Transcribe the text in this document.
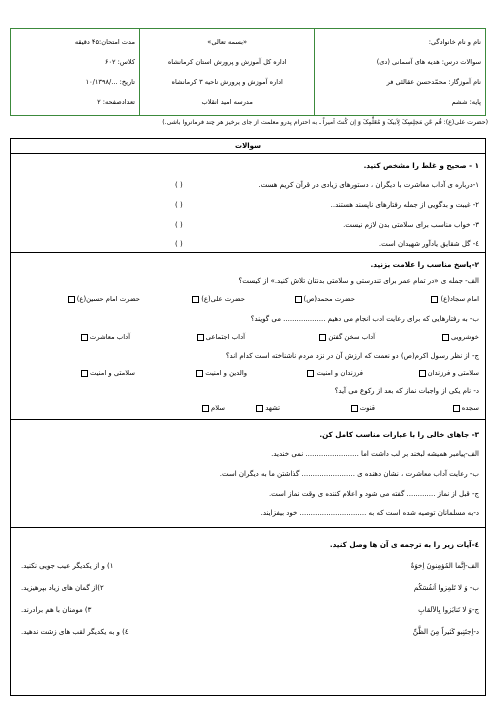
نام و نام خانوادگی:
سوالات درس: هدیه های آسمانی (دی)
نام آموزگار: محمّدحسن عقالئی فر
پایه: ششم
«بسمه تعالی»
اداره کل آموزش و پرورش استان کرمانشاه
اداره آموزش و پرورش ناحیه ۳ کرمانشاه
مدرسه امید انقلاب
مدت امتحان:۴۵ دقیقه
کلاس: ۶۰۲
تاریخ: .../۱۰/۱۳۹۸
تعدادصفحه: ۲
(حضرت علی(ع): قُم عَن مَجلِسِکَ لِاَبیکَ وَ مُعَلِّمِکَ وَ اِن کُنتَ اَمیراً ـ به احترام پدرو معلمت از جای برخیز هر چند فرمانروا باشی.)
سوالات
۱ - صحیح و غلط را مشخص کنید.
۱-درباره ی آداب معاشرت با دیگران ، دستورهای زیادی در قرآن کریم هست.
۲- غیبت و بدگویی از جمله رفتارهای ناپسند هستند..
۳- خواب مناسب برای سلامتی بدن لازم نیست.
٤- گل شقایق یادآور شهیدان است.
( )
( )
( )
( )
۲-پاسخ مناسب را علامت بزنید.
الف- جمله ی «در تمام عمر برای تندرستی و سلامتی بدنتان تلاش کنید.» از کیست؟
امام سجاد(ع)
حضرت محمد(ص)
حضرت علی(ع)
حضرت امام حسین(ع)
ب- به رفتارهایی که برای رعایت ادب انجام می دهیم ................... می گویند؟
خوشرویی
آداب سخن گفتن
آداب اجتماعی
آداب معاشرت
ج- از نظر رسول اکرم(ص) دو نعمت که ارزش آن در نزد مردم ناشناخته است کدام اند؟
سلامتی و فرزندان
فرزندان و امنیت
والدین و امنیت
سلامتی و امنیت
د- نام یکی از واجبات نماز که بعد از رکوع می آید؟
سجده
قنوت
تشهد
سلام
۳- جاهای خالی را با عبارات مناسب کامل کن.
الف-پیامبر همیشه لبخند بر لب داشت اما ........................ نمی خندید.
ب- رعایت آداب معاشرت ، نشان دهنده ی ........................ گذاشتن ما به دیگران است.
ج- قبل از نماز ............. گفته می شود و اعلام کننده ی وقت نماز است.
د-به مسلمانان توصیه شده است که به .............................. خود بیفزایند.
٤-آیات زیر را به ترجمه ی آن ها وصل کنید.
الف-اِنَّما المُؤمِنونَ اِخوَةٌ
ب- وَ لا تَلمِزوا اَنفُسَکُم
ج-وَ لا تَنابَزوا بِالاَلقابِ
د-اِجتَنِبو کَثیراً مِنَ الظَّنِّ
١) و از یکدیگر عیب جویی نکنید.
٢)از گمان های زیاد بپرهیزید.
٣) مومنان با هم برادرند.
٤) و به یکدیگر لقب های زشت ندهید.
